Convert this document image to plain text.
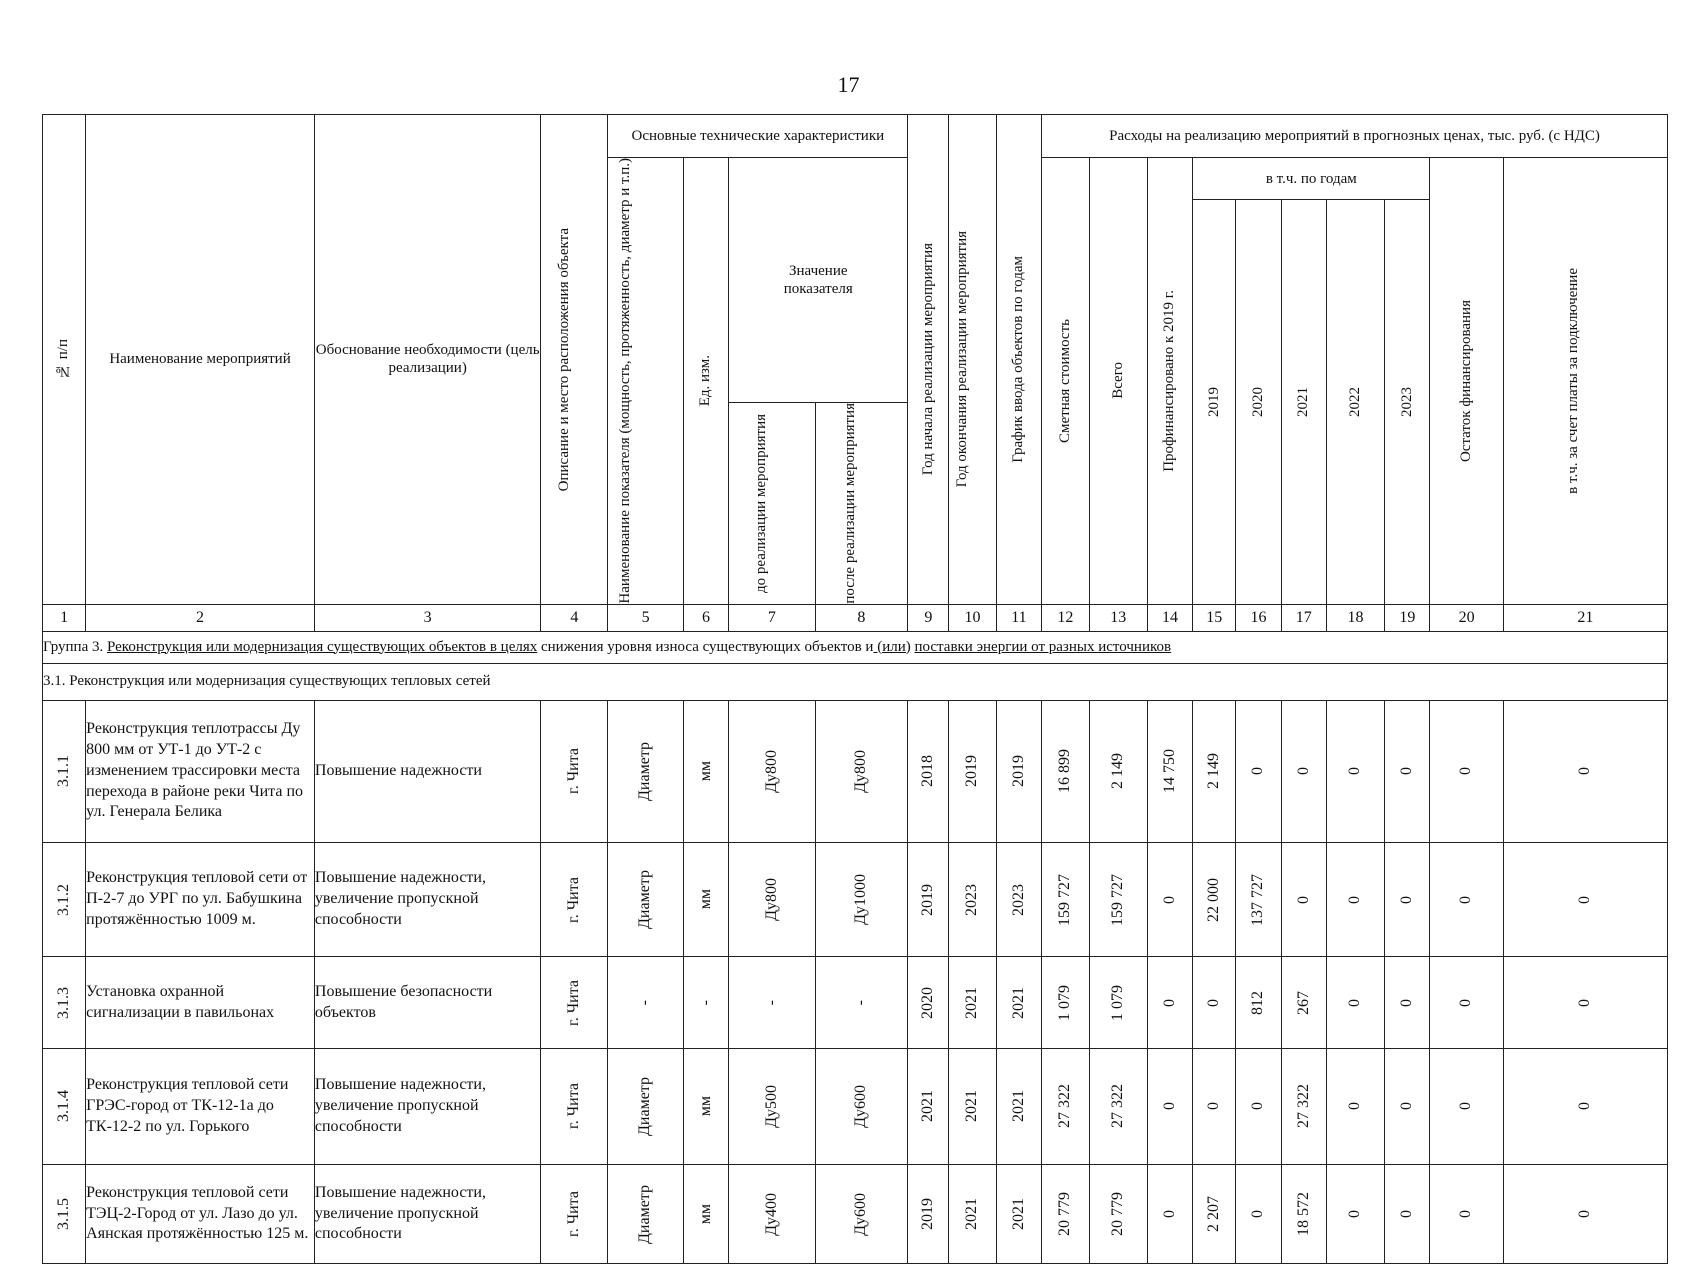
17
№ п/п	Наименование мероприятий	Обоснование необходимости (цель реализации)	Описание и место расположения объекта	Основные технические характеристики				Год начала реализации мероприятия	Год окончания реализации мероприятия	График ввода объектов по годам	Расходы на реализацию мероприятий в прогнозных ценах, тыс. руб. (с НДС)									

				Наименование показателя (мощность, протяженность, диаметр и т.п.)	Ед. изм.	Значение показателя					Сметная стоимость	Всего	Профинансировано к 2019 г.	в т.ч. по годам					Остаток финансирования	в т.ч. за счет платы за подключение

														2019	2020	2021	2022	2023		

						до реализации мероприятия	после реализации мероприятия													

1	2	3	4	5	6	7	8	9	10	11	12	13	14	15	16	17	18	19	20	21
Группа 3. Реконструкция или модернизация существующих объектов в целях снижения уровня износа существующих объектов и (или) поставки энергии от разных источников																				
3.1. Реконструкция или модернизация существующих тепловых сетей																				

3.1.1	Реконструкция теплотрассы Ду 800 мм от УТ-1 до УТ-2 с изменением трассировки места перехода в районе реки Чита по ул. Генерала Белика	Повышение надежности	г. Чита	Диаметр	мм	Ду800	Ду800	2018	2019	2019	16 899	2 149	14 750	2 149	0	0	0	0	0	0

3.1.2	Реконструкция тепловой сети от П-2-7 до УРГ по ул. Бабушкина протяжённостью 1009 м.	Повышение надежности, увеличение пропускной способности	г. Чита	Диаметр	мм	Ду800	Ду1000	2019	2023	2023	159 727	159 727	0	22 000	137 727	0	0	0	0	0

3.1.3	Установка охранной сигнализации в павильонах	Повышение безопасности объектов	г. Чита	-	-	-	-	2020	2021	2021	1 079	1 079	0	0	812	267	0	0	0	0

3.1.4	Реконструкция тепловой сети ГРЭС-город от ТК-12-1а до ТК-12-2 по ул. Горького	Повышение надежности, увеличение пропускной способности	г. Чита	Диаметр	мм	Ду500	Ду600	2021	2021	2021	27 322	27 322	0	0	0	27 322	0	0	0	0

3.1.5	Реконструкция тепловой сети ТЭЦ-2-Город от ул. Лазо до ул. Аянская протяжённостью 125 м.	Повышение надежности, увеличение пропускной способности	г. Чита	Диаметр	мм	Ду400	Ду600	2019	2021	2021	20 779	20 779	0	2 207	0	18 572	0	0	0	0
